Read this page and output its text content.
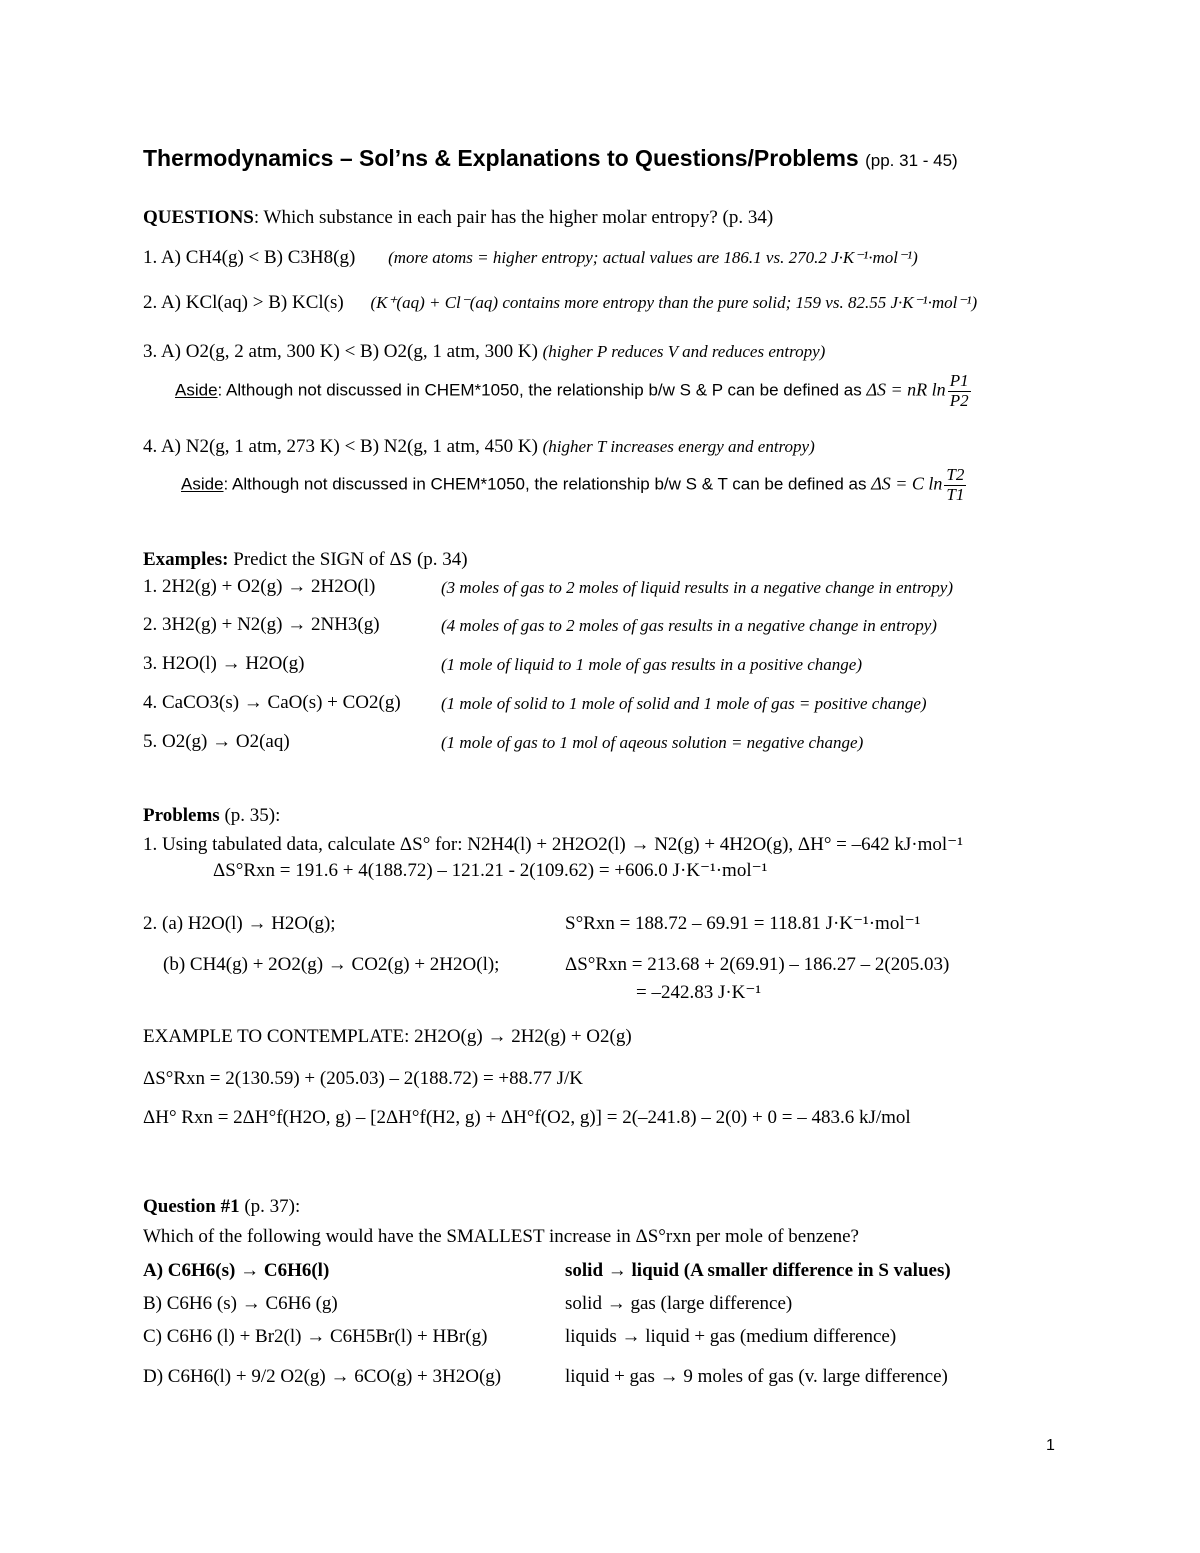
Thermodynamics – Sol’ns & Explanations to Questions/Problems (pp. 31 - 45)
QUESTIONS: Which substance in each pair has the higher molar entropy? (p. 34)
1. A) CH4(g) < B) C3H8(g) (more atoms = higher entropy; actual values are 186.1 vs. 270.2 J·K⁻¹·mol⁻¹)
2. A) KCl(aq) > B) KCl(s) (K⁺(aq) + Cl⁻(aq) contains more entropy than the pure solid; 159 vs. 82.55 J·K⁻¹·mol⁻¹)
3. A) O2(g, 2 atm, 300 K) < B) O2(g, 1 atm, 300 K) (higher P reduces V and reduces entropy)
Aside: Although not discussed in CHEM*1050, the relationship b/w S & P can be defined as ΔS = nR $\ln \frac{P1}{P2}$
4. A) N2(g, 1 atm, 273 K) < B) N2(g, 1 atm, 450 K) (higher T increases energy and entropy)
Aside: Although not discussed in CHEM*1050, the relationship b/w S & T can be defined as ΔS = C $\ln \frac{T2}{T1}$
Examples: Predict the SIGN of ΔS (p. 34)
1. 2H2(g) + O2(g) → 2H2O(l)	(3 moles of gas to 2 moles of liquid results in a negative change in entropy)
2. 3H2(g) + N2(g) → 2NH3(g)	(4 moles of gas to 2 moles of gas results in a negative change in entropy)
3. H2O(l) → H2O(g)	(1 mole of liquid to 1 mole of gas results in a positive change)
4. CaCO3(s) → CaO(s) + CO2(g) (1 mole of solid to 1 mole of solid and 1 mole of gas = positive change)
5. O2(g) → O2(aq)	(1 mole of gas to 1 mol of aqeous solution = negative change)
Problems (p. 35):
1. Using tabulated data, calculate ΔS° for: N2H4(l) + 2H2O2(l) → N2(g) + 4H2O(g), ΔH° = –642 kJ·mol⁻¹
ΔS°Rxn = 191.6 + 4(188.72) – 121.21 - 2(109.62) = +606.0 J·K⁻¹·mol⁻¹
2. (a) H2O(l) → H2O(g);	S°Rxn = 188.72 – 69.91 = 118.81 J·K⁻¹·mol⁻¹
(b) CH4(g) + 2O2(g) → CO2(g) + 2H2O(l);	ΔS°Rxn = 213.68 + 2(69.91) – 186.27 – 2(205.03)
= –242.83 J·K⁻¹
EXAMPLE TO CONTEMPLATE: 2H2O(g) → 2H2(g) + O2(g)
ΔS°Rxn = 2(130.59) + (205.03) – 2(188.72) = +88.77 J/K
ΔH° Rxn = 2ΔH°f(H2O, g) – [2ΔH°f(H2, g) + ΔH°f(O2, g)] = 2(–241.8) – 2(0) + 0 = – 483.6 kJ/mol
Question #1 (p. 37):
Which of the following would have the SMALLEST increase in ΔS°rxn per mole of benzene?
A) C6H6(s) → C6H6(l)	solid → liquid (A smaller difference in S values)
B) C6H6 (s) → C6H6 (g)	solid → gas (large difference)
C) C6H6 (l) + Br2(l) → C6H5Br(l) + HBr(g)	liquids → liquid + gas (medium difference)
D) C6H6(l) + 9/2 O2(g) → 6CO(g) + 3H2O(g)	liquid + gas → 9 moles of gas (v. large difference)
1
